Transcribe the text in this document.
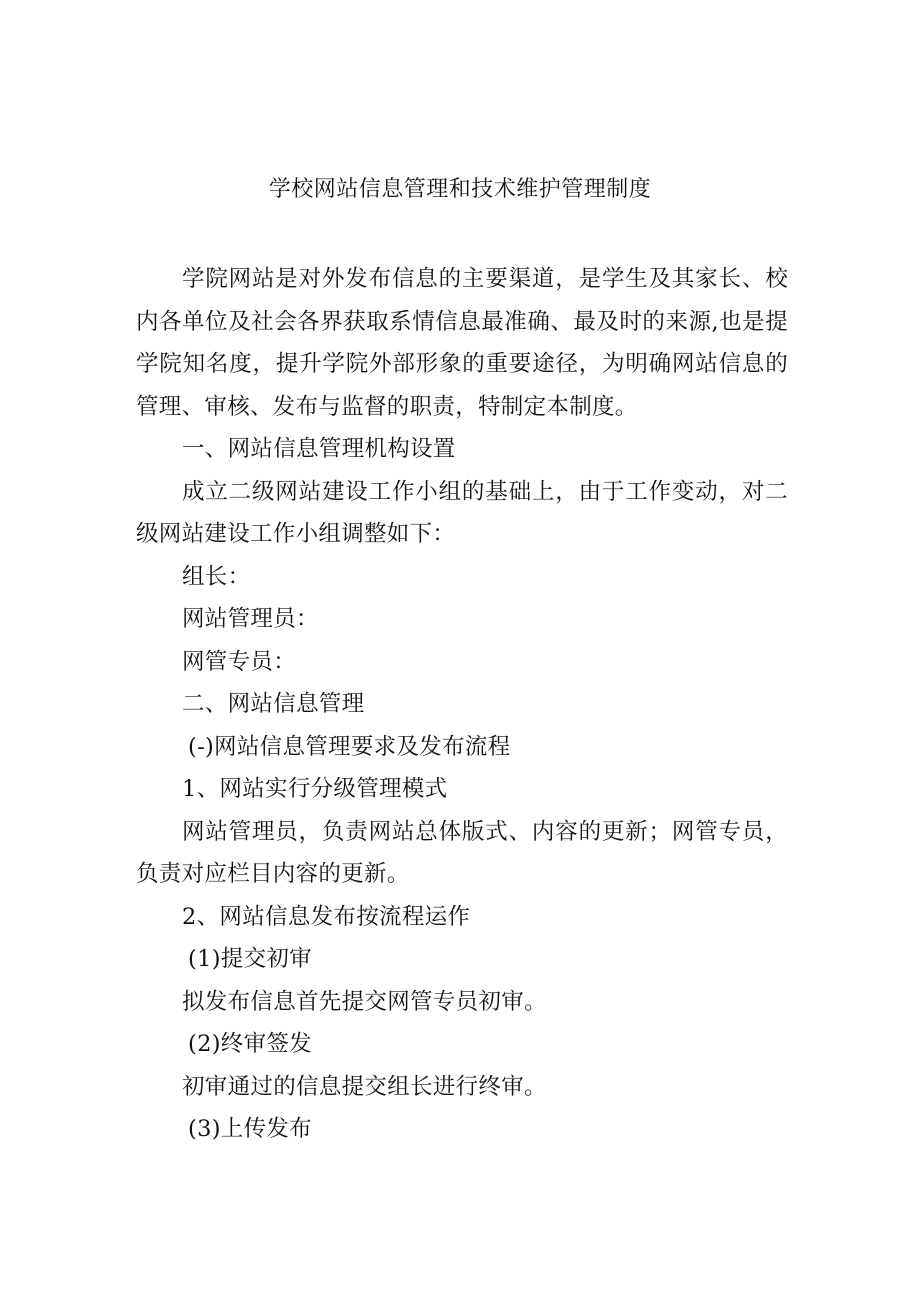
学校网站信息管理和技术维护管理制度

学院网站是对外发布信息的主要渠道，是学生及其家长、校内各单位及社会各界获取系情信息最准确、最及时的来源,也是提学院知名度，提升学院外部形象的重要途径，为明确网站信息的管理、审核、发布与监督的职责，特制定本制度。

一、网站信息管理机构设置

成立二级网站建设工作小组的基础上，由于工作变动，对二级网站建设工作小组调整如下：

组长：

网站管理员：

网管专员：

二、网站信息管理

(-)网站信息管理要求及发布流程

1、网站实行分级管理模式

网站管理员，负责网站总体版式、内容的更新；网管专员，负责对应栏目内容的更新。

2、网站信息发布按流程运作

(1)提交初审

拟发布信息首先提交网管专员初审。

(2)终审签发

初审通过的信息提交组长进行终审。

(3)上传发布
